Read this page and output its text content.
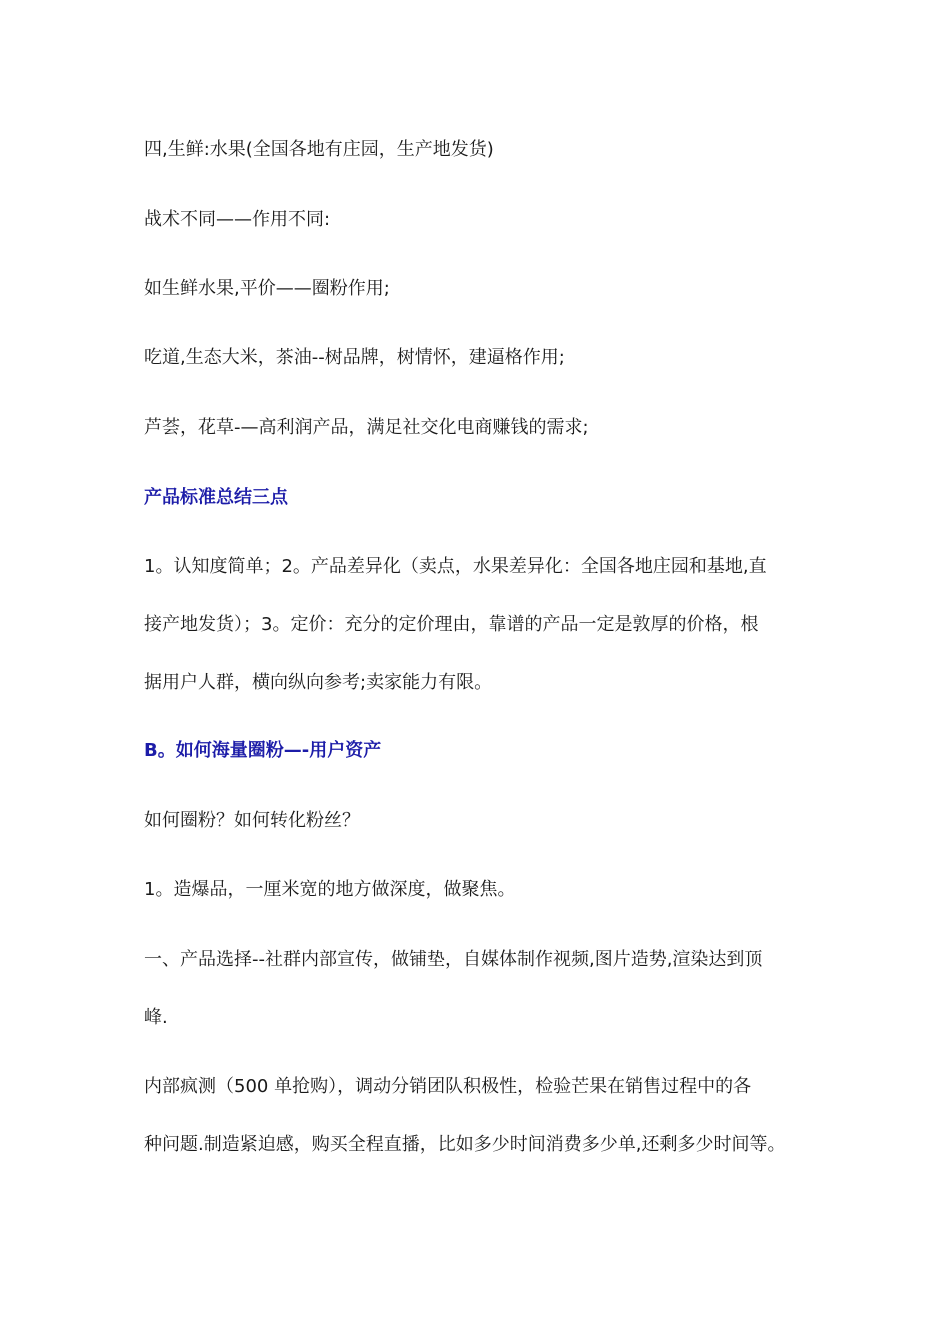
四,生鲜:水果(全国各地有庄园，生产地发货)
战术不同——作用不同:
如生鲜水果,平价——圈粉作用;
吃道,生态大米，茶油--树品牌，树情怀，建逼格作用;
芦荟，花草-—高利润产品，满足社交化电商赚钱的需求;
产品标准总结三点
1。认知度简单；2。产品差异化（卖点，水果差异化：全国各地庄园和基地,直
接产地发货）；3。定价：充分的定价理由，靠谱的产品一定是敦厚的价格，根
据用户人群，横向纵向参考;卖家能力有限。
B。如何海量圈粉—-用户资产
如何圈粉？如何转化粉丝？
1。造爆品，一厘米宽的地方做深度，做聚焦。
一、产品选择--社群内部宣传，做铺垫，自媒体制作视频,图片造势,渲染达到顶
峰.
内部疯测（500 单抢购），调动分销团队积极性，检验芒果在销售过程中的各
种问题.制造紧迫感，购买全程直播，比如多少时间消费多少单,还剩多少时间等。
